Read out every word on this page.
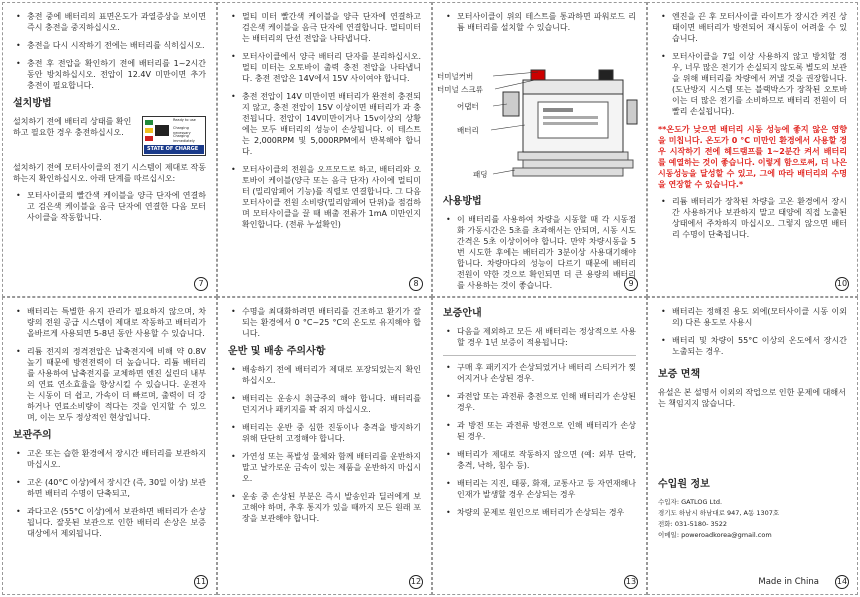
• 충전 중에 배터리의 표면온도가 과열증상을 보이면 즉시 충전을 중지하십시오.
• 충전을 다시 시작하기 전에는 배터리를 식히십시오.
• 충전 후 전압을 확인하기 전에 배터리를 1~2시간 동안 방치하십시오. 전압이 12.4V 미만이면 추가 충전이 필요합니다.
설치방법
설치하기 전에 배터리 상태를 확인하고 필요한 경우 충전하십시오.
Ready to use
Charging necessary
Charging immediately
STATE OF CHARGE

설치하기 전에 모터사이클의 전기 시스템이 제대로 작동하는지 확인하십시오. 아래 단계를 따르십시오:

• 모터사이클의 빨간색 케이블을 양극 단자에 연결하고 검은색 케이블을 음극 단자에 연결한 다음 모터사이클을 작동합니다.
7
• 멀티 미터 빨간색 케이블을 양극 단자에 연결하고 검은색 케이블을 음극 단자에 연결합니다. 멀티미터는 배터리의 단선 전압을 나타냅니다.
• 모터사이클에서 양극 배터리 단자를 분리하십시오. 멀티 미터는 오토바이 출력 충전 전압을 나타냅니다. 충전 전압은 14V에서 15V 사이여야 합니다.
• 충전 전압이 14V 미만이면 배터리가 완전히 충전되지 않고, 충전 전압이 15V 이상이면 배터리가 과 충전됩니다. 전압이 14V미만이거나 15v이상의 상황에는 모두 배터리의 성능이 손상됩니다. 이 테스트는 2,000RPM 및 5,000RPM에서 반복해야 합니다.
• 모터사이클의 전원을 오프모드로 하고, 배터리와 오토바이 케이블(양극 또는 음극 단자) 사이에 멀티미터 (밀리암페어 기능)를 직렬로 연결합니다. 그 다음 모터사이클 전원 소비량(밀리암페어 단위)을 점검하며 모터사이클을 끌 때 배출 전류가 1mA 미만인지 확인합니다. (전류 누설확인)
8
• 모터사이클이 위의 테스트를 통과하면 파워로드 리튬 배터리를 설치할 수 있습니다.
터미널커버
터미널 스크류
어댑터
배터리
패딩
사용방법
• 이 배터리를 사용하여 차량을 시동할 때 각 시동점화 가동시간은 5초를 초과해서는 안되며, 시동 시도 간격은 5초 이상이어야 합니다. 만약 차량시동을 5번 시도한 후에는 배터리가 3분이상 사용대기해야 합니다. 차량마다의 성능이 다르기 때문에 배터리 전원이 약한 것으로 확인되면 더 큰 용량의 배터리를 사용하는 것이 좋습니다.	9
• 엔진을 끈 후 모터사이클 라이트가 장시간 켜진 상태이면 배터리가 방전되어 재시동이 어려울 수 있습니다.
• 모터사이클을 7일 이상 사용하지 않고 방치할 경우, 너무 많은 전기가 손실되지 않도록 별도의 보관을 위해 배터리를 차량에서 꺼낼 것을 권장합니다. (도난방지 시스템 또는 블랙박스가 장착된 오토바이는 더 많은 전기를 소비하므로 배터리 전원이 더 빨리 손실됩니다).

**온도가 낮으면 배터리 시동 성능에 좋지 않은 영향을 미칩니다. 온도가 0 °C 미만인 환경에서 사용할 경우 시작하기 전에 헤드램프를 1~2분간 켜서 배터리를 예열하는 것이 좋습니다. 이렇게 함으로써, 더 나은 시동성능을 달성할 수 있고, 그에 따라 배터리의 수명을 연장할 수 있습니다.*

• 리튬 배터리가 장착된 차량을 고온 환경에서 장시간 사용하거나 보관하지 말고 태양에 직접 노출된 상태에서 주차하지 마십시오. 그렇지 않으면 배터리 수명이 단축됩니다.
10
• 배터리는 특별한 유지 관리가 필요하지 않으며, 차량의 전원 공급 시스템이 제대로 작동하고 배터리가 올바르게 사용되면 5-8년 동안 사용할 수 있습니다.
• 리튬 전지의 정격전압은 납축전지에 비해 약 0.8V 높기 때문에 방전전력이 더 높습니다. 리튬 배터리를 사용하여 납축전지를 교체하면 엔진 실린더 내부의 연료 연소효율을 향상시킬 수 있습니다. 운전자는 시동이 더 쉽고, 가속이 더 빠르며, 출력이 더 강하거나 연료소비량이 적다는 것을 인지할 수 있으며, 이는 모두 정상적인 현상입니다.
보관주의
• 고온 또는 습한 환경에서 장시간 배터리를 보관하지 마십시오.
• 고온 (40°C 이상)에서 장시간 (즉, 30일 이상) 보관하면 배터리 수명이 단축되고,
• 과다고온 (55°C 이상)에서 보관하면 배터리가 손상됩니다. 잘못된 보관으로 인한 배터리 손상은 보증 대상에서 제외됩니다.
11
• 수명을 최대화하려면 배터리를 건조하고 환기가 잘 되는 환경에서 0 °C~25 °C의 온도로 유지해야 합니다.
운반 및 배송 주의사항
• 배송하기 전에 배터리가 제대로 포장되었는지 확인하십시오.
• 배터리는 운송시 취급주의 해야 합니다. 배터리를 던지거나 패키지를 꽉 쥐지 마십시오.
• 배터리는 운반 중 심한 진동이나 충격을 방지하기 위해 단단히 고정해야 합니다.
• 가연성 또는 폭발성 물체와 함께 배터리를 운반하지 말고 날카로운 금속이 있는 제품을 운반하지 마십시오.
• 운송 중 손상된 부분은 즉시 발송인과 딜러에게 보고해야 하며, 추후 통지가 있을 때까지 모든 원래 포장을 보관해야 합니다.
12
보증안내
• 다음을 제외하고 모든 새 배터리는 정상적으로 사용할 경우 1년 보증이 적용됩니다:
• 구매 후 패키지가 손상되었거나 배터리 스티커가 찢어지거나 손상된 경우.
• 과전압 또는 과전류 충전으로 인해 배터리가 손상된 경우.
• 과 방전 또는 과전류 방전으로 인해 배터리가 손상된 경우.
• 배터리가 제대로 작동하지 않으면 (예: 외부 단락, 충격, 낙하, 침수 등).
• 배터리는 지진, 태풍, 화재, 교통사고 등 자연재해나 인재가 발생할 경우 손상되는 경우
• 차량의 문제로 원인으로 배터리가 손상되는 경우
13
• 배터리는 정해진 용도 외에(모터사이클 시동 이외의) 다른 용도로 사용시
• 배터리 및 차량이 55°C 이상의 온도에서 장시간 노출되는 경우.
보증 면책

유설은 본 설명서 이외의 작업으로 인한 문제에 대해서는 책임지지 않습니다.

수입원 정보
수입자: GATLOG Ltd.
경기도 하남시 하남대로 947, A동 1307호
전화: 031-5180- 3522
이메일: poweroadkorea@gmail.com
Made in China 14
